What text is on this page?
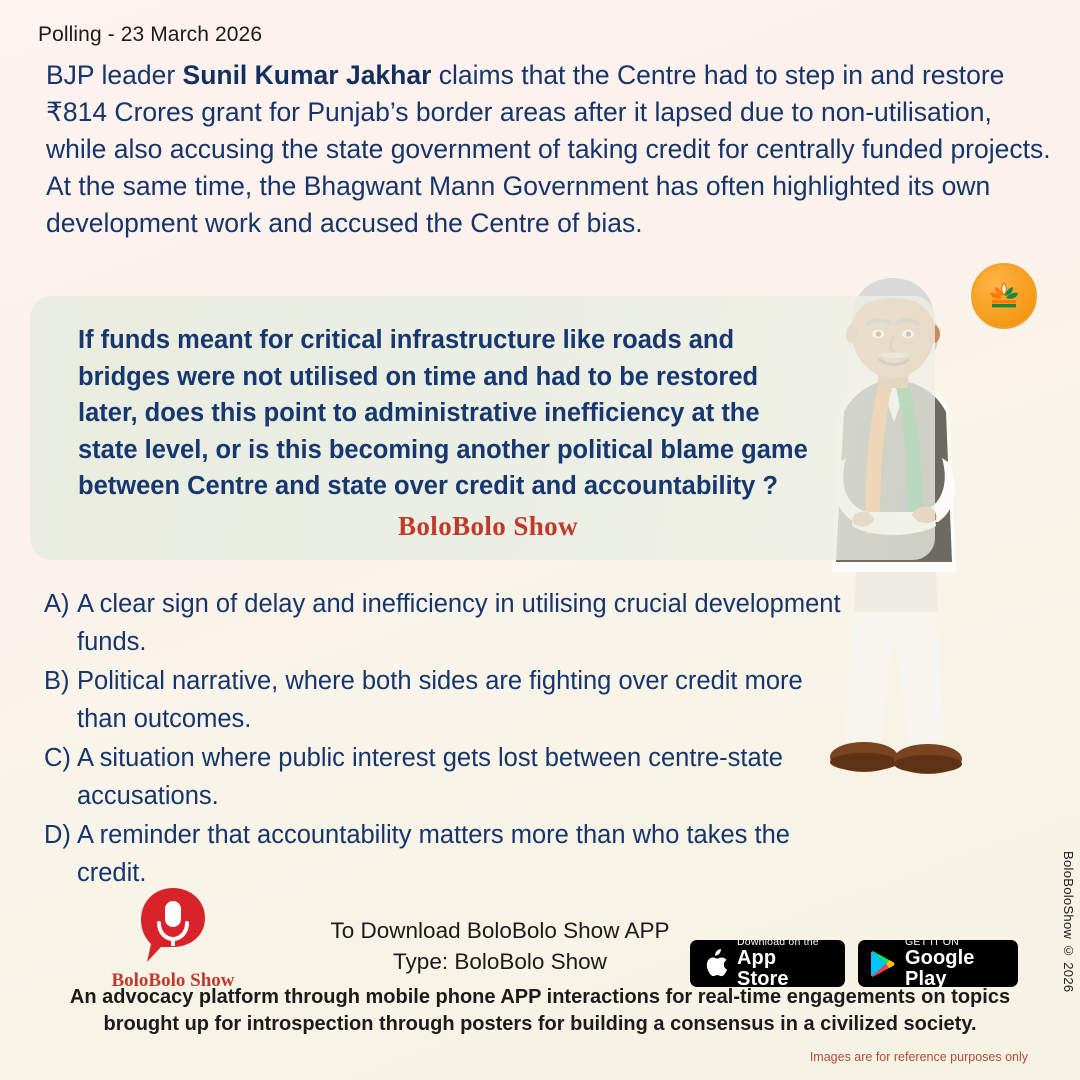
Polling - 23 March 2026
BJP leader Sunil Kumar Jakhar claims that the Centre had to step in and restore ₹814 Crores grant for Punjab’s border areas after it lapsed due to non-utilisation, while also accusing the state government of taking credit for centrally funded projects. At the same time, the Bhagwant Mann Government has often highlighted its own development work and accused the Centre of bias.
If funds meant for critical infrastructure like roads and bridges were not utilised on time and had to be restored later, does this point to administrative inefficiency at the state level, or is this becoming another political blame game between Centre and state over credit and accountability ?
BoloBolo Show
A) A clear sign of delay and inefficiency in utilising crucial development funds.
B) Political narrative, where both sides are fighting over credit more than outcomes.
C) A situation where public interest gets lost between centre-state accusations.
D) A reminder that accountability matters more than who takes the credit.
BoloBolo Show
To Download BoloBolo Show APP
Type: BoloBolo Show
Download on the
App Store
GET IT ON
Google Play
An advocacy platform through mobile phone APP interactions for real-time engagements on topics brought up for introspection through posters for building a consensus in a civilized society.
Images are for reference purposes only
BoloBoloShow © 2026
